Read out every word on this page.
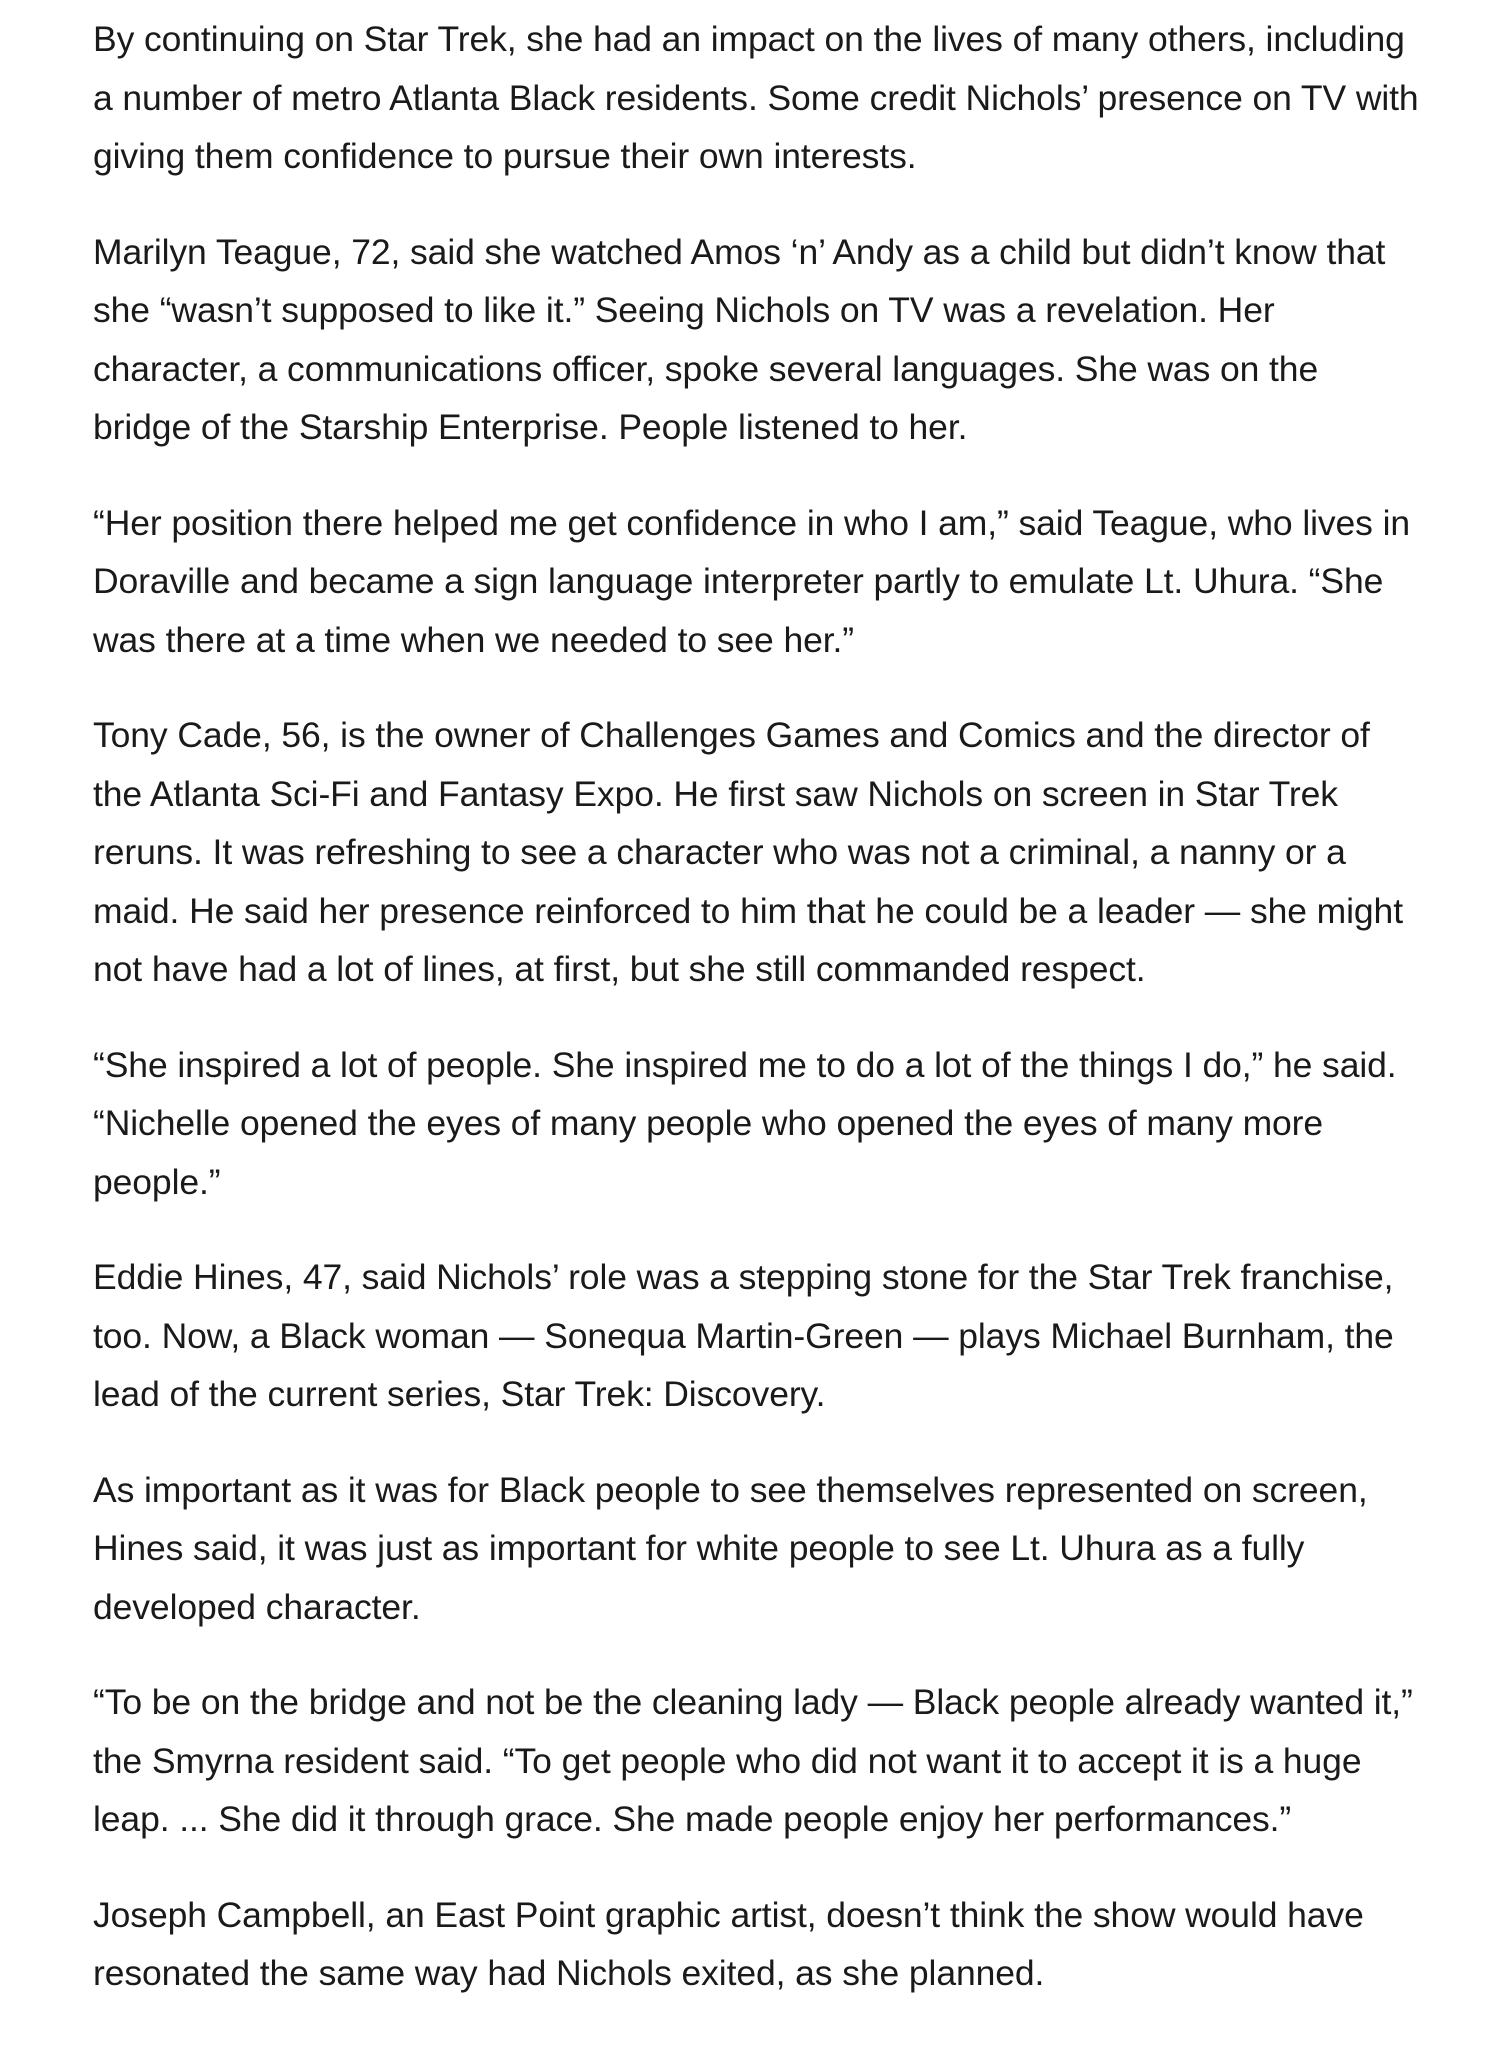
By continuing on Star Trek, she had an impact on the lives of many others, including a number of metro Atlanta Black residents. Some credit Nichols’ presence on TV with giving them confidence to pursue their own interests.

Marilyn Teague, 72, said she watched Amos ‘n’ Andy as a child but didn’t know that she “wasn’t supposed to like it.” Seeing Nichols on TV was a revelation. Her character, a communications officer, spoke several languages. She was on the bridge of the Starship Enterprise. People listened to her.

“Her position there helped me get confidence in who I am,” said Teague, who lives in Doraville and became a sign language interpreter partly to emulate Lt. Uhura. “She was there at a time when we needed to see her.”

Tony Cade, 56, is the owner of Challenges Games and Comics and the director of the Atlanta Sci-Fi and Fantasy Expo. He first saw Nichols on screen in Star Trek reruns. It was refreshing to see a character who was not a criminal, a nanny or a maid. He said her presence reinforced to him that he could be a leader — she might not have had a lot of lines, at first, but she still commanded respect.

“She inspired a lot of people. She inspired me to do a lot of the things I do,” he said. “Nichelle opened the eyes of many people who opened the eyes of many more people.”

Eddie Hines, 47, said Nichols’ role was a stepping stone for the Star Trek franchise, too. Now, a Black woman — Sonequa Martin-Green — plays Michael Burnham, the lead of the current series, Star Trek: Discovery.

As important as it was for Black people to see themselves represented on screen, Hines said, it was just as important for white people to see Lt. Uhura as a fully developed character.

“To be on the bridge and not be the cleaning lady — Black people already wanted it,” the Smyrna resident said. “To get people who did not want it to accept it is a huge leap. ... She did it through grace. She made people enjoy her performances.”

Joseph Campbell, an East Point graphic artist, doesn’t think the show would have resonated the same way had Nichols exited, as she planned.
